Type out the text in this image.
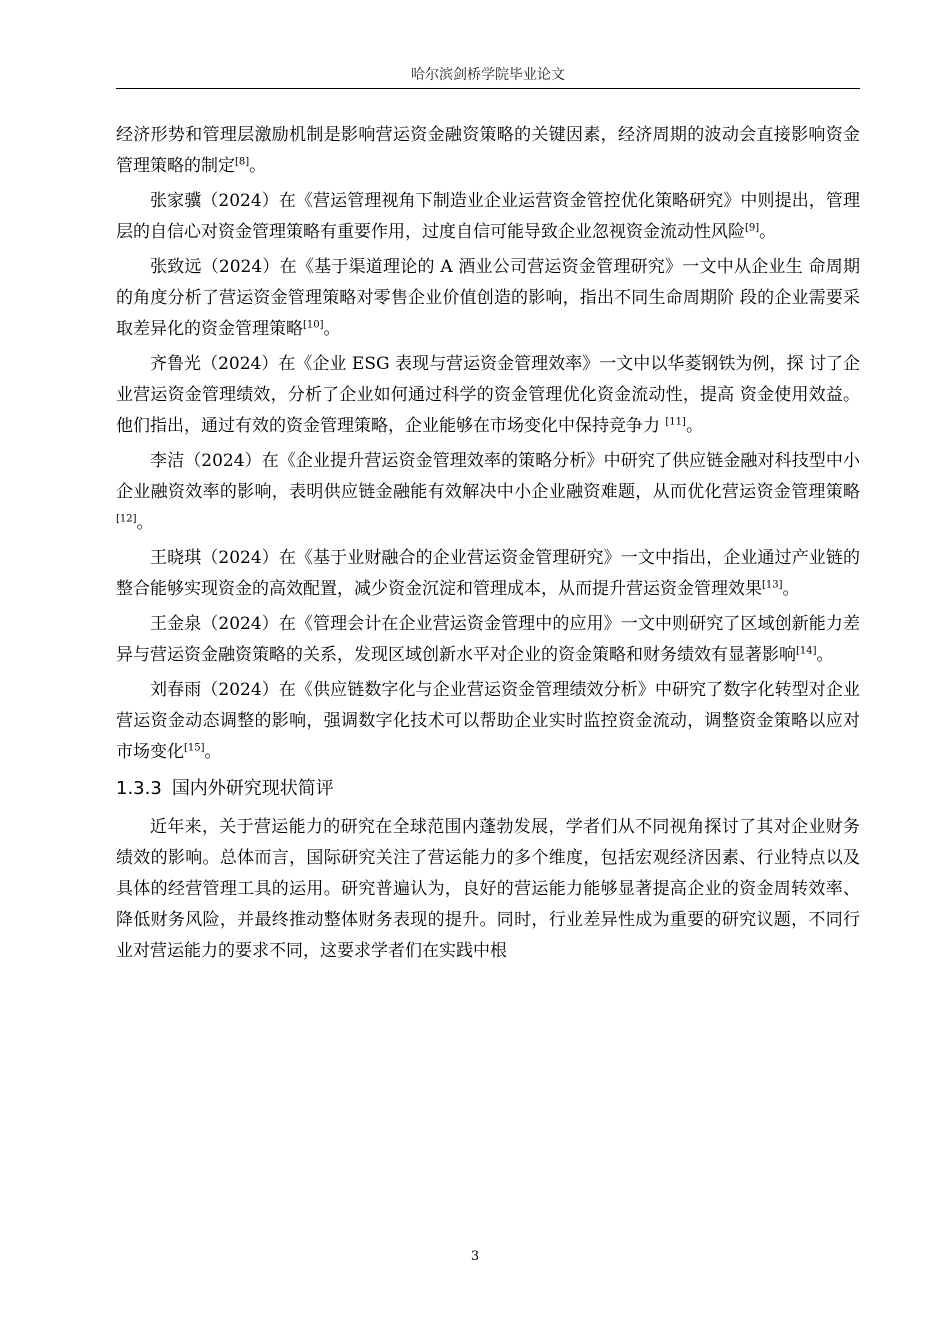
哈尔滨剑桥学院毕业论文

经济形势和管理层激励机制是影响营运资金融资策略的关键因素，经济周期的波动会直接影响资金管理策略的制定[8]。

张家骥（2024）在《营运管理视角下制造业企业运营资金管控优化策略研究》中则提出，管理层的自信心对资金管理策略有重要作用，过度自信可能导致企业忽视资金流动性风险[9]。

张致远（2024）在《基于渠道理论的 A 酒业公司营运资金管理研究》一文中从企业生 命周期的角度分析了营运资金管理策略对零售企业价值创造的影响，指出不同生命周期阶 段的企业需要采取差异化的资金管理策略[10]。

齐鲁光（2024）在《企业 ESG 表现与营运资金管理效率》一文中以华菱钢铁为例，探 讨了企业营运资金管理绩效，分析了企业如何通过科学的资金管理优化资金流动性，提高 资金使用效益。他们指出，通过有效的资金管理策略，企业能够在市场变化中保持竞争力 [11]。

李洁（2024）在《企业提升营运资金管理效率的策略分析》中研究了供应链金融对科技型中小企业融资效率的影响，表明供应链金融能有效解决中小企业融资难题，从而优化营运资金管理策略[12]。

王晓琪（2024）在《基于业财融合的企业营运资金管理研究》一文中指出，企业通过产业链的整合能够实现资金的高效配置，减少资金沉淀和管理成本，从而提升营运资金管理效果[13]。

王金泉（2024）在《管理会计在企业营运资金管理中的应用》一文中则研究了区域创新能力差异与营运资金融资策略的关系，发现区域创新水平对企业的资金策略和财务绩效有显著影响[14]。

刘春雨（2024）在《供应链数字化与企业营运资金管理绩效分析》中研究了数字化转型对企业营运资金动态调整的影响，强调数字化技术可以帮助企业实时监控资金流动，调整资金策略以应对市场变化[15]。

1.3.3 国内外研究现状简评

近年来，关于营运能力的研究在全球范围内蓬勃发展，学者们从不同视角探讨了其对企业财务绩效的影响。总体而言，国际研究关注了营运能力的多个维度，包括宏观经济因素、行业特点以及具体的经营管理工具的运用。研究普遍认为，良好的营运能力能够显著提高企业的资金周转效率、降低财务风险，并最终推动整体财务表现的提升。同时，行业差异性成为重要的研究议题，不同行业对营运能力的要求不同，这要求学者们在实践中根

3
